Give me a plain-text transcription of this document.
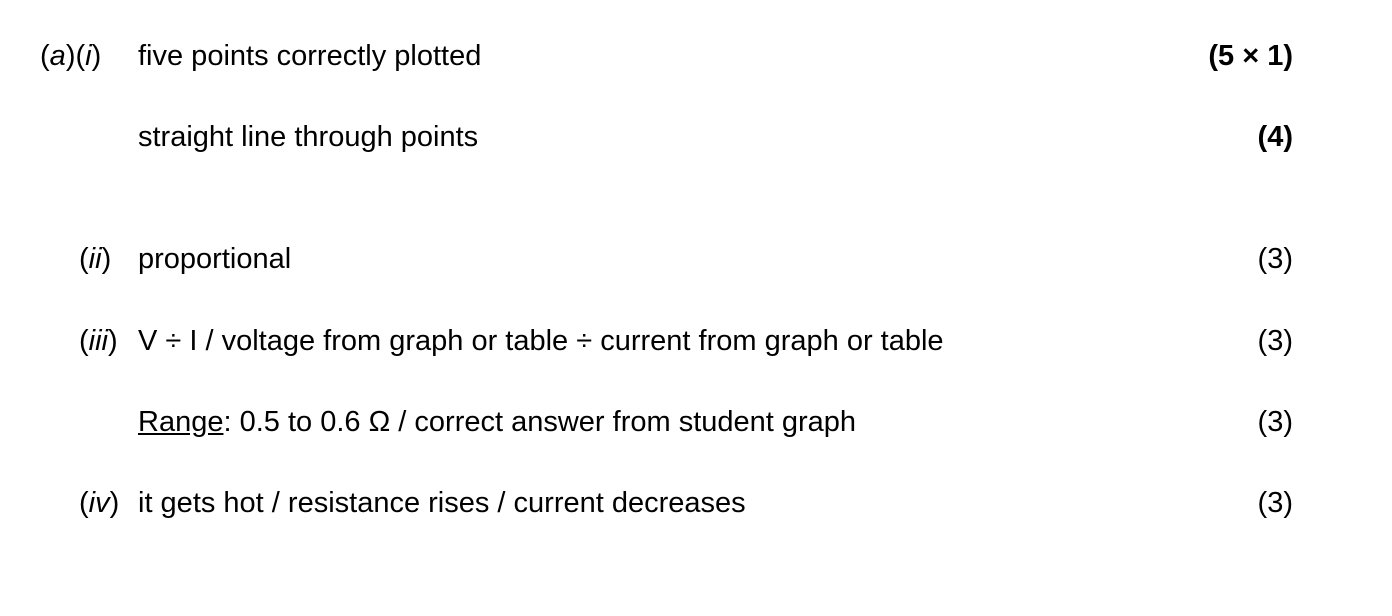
(a)(i) five points correctly plotted	(5 × 1)
straight line through points	(4)
(ii) proportional	(3)
(iii) V ÷ I / voltage from graph or table ÷ current from graph or table	(3)
Range: 0.5 to 0.6 Ω / correct answer from student graph	(3)
(iv) it gets hot / resistance rises / current decreases	(3)
